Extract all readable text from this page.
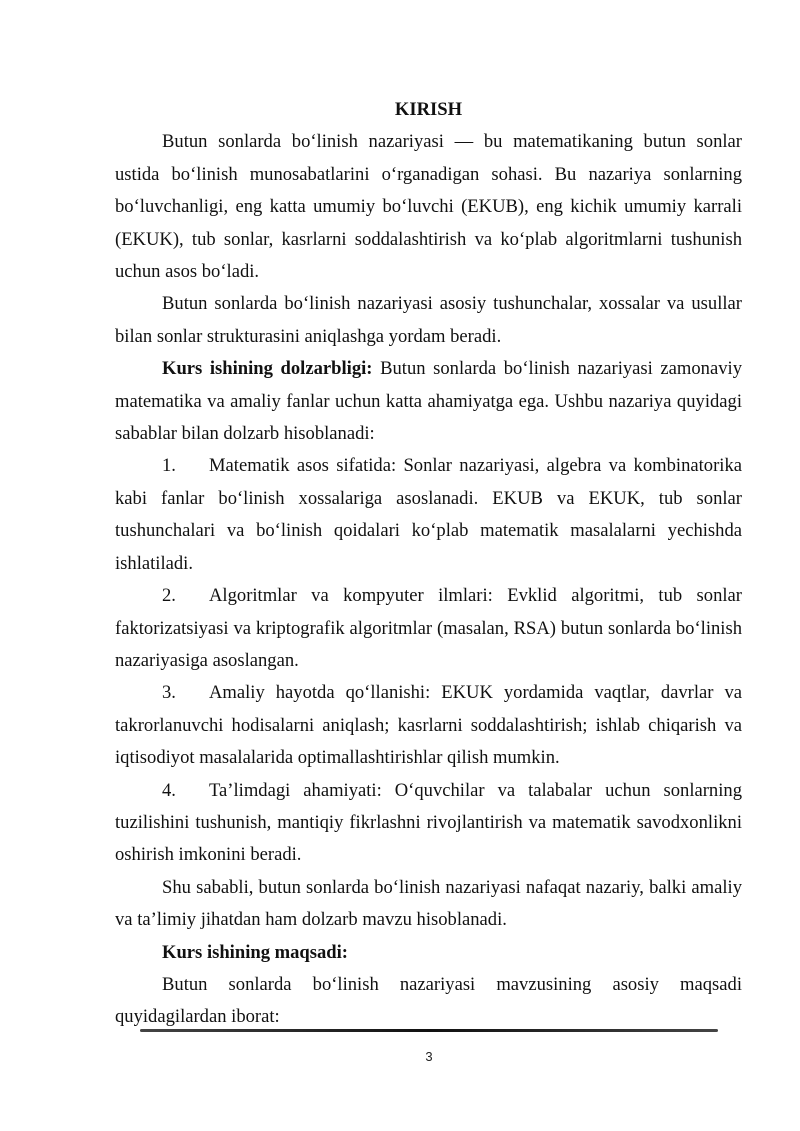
KIRISH

Butun sonlarda bo‘linish nazariyasi — bu matematikaning butun sonlar ustida bo‘linish munosabatlarini o‘rganadigan sohasi. Bu nazariya sonlarning bo‘luvchanligi, eng katta umumiy bo‘luvchi (EKUB), eng kichik umumiy karrali (EKUK), tub sonlar, kasrlarni soddalashtirish va ko‘plab algoritmlarni tushunish uchun asos bo‘ladi.

Butun sonlarda bo‘linish nazariyasi asosiy tushunchalar, xossalar va usullar bilan sonlar strukturasini aniqlashga yordam beradi.

Kurs ishining dolzarbligi: Butun sonlarda bo‘linish nazariyasi zamonaviy matematika va amaliy fanlar uchun katta ahamiyatga ega. Ushbu nazariya quyidagi sabablar bilan dolzarb hisoblanadi:

1. Matematik asos sifatida: Sonlar nazariyasi, algebra va kombinatorika kabi fanlar bo‘linish xossalariga asoslanadi. EKUB va EKUK, tub sonlar tushunchalari va bo‘linish qoidalari ko‘plab matematik masalalarni yechishda ishlatiladi.

2. Algoritmlar va kompyuter ilmlari: Evklid algoritmi, tub sonlar faktorizatsiyasi va kriptografik algoritmlar (masalan, RSA) butun sonlarda bo‘linish nazariyasiga asoslangan.

3. Amaliy hayotda qo‘llanishi: EKUK yordamida vaqtlar, davrlar va takrorlanuvchi hodisalarni aniqlash; kasrlarni soddalashtirish; ishlab chiqarish va iqtisodiyot masalalarida optimallashtirishlar qilish mumkin.

4. Ta’limdagi ahamiyati: O‘quvchilar va talabalar uchun sonlarning tuzilishini tushunish, mantiqiy fikrlashni rivojlantirish va matematik savodxonlikni oshirish imkonini beradi.

Shu sababli, butun sonlarda bo‘linish nazariyasi nafaqat nazariy, balki amaliy va ta’limiy jihatdan ham dolzarb mavzu hisoblanadi.

Kurs ishining maqsadi:

Butun sonlarda bo‘linish nazariyasi mavzusining asosiy maqsadi quyidagilardan iborat:

3
